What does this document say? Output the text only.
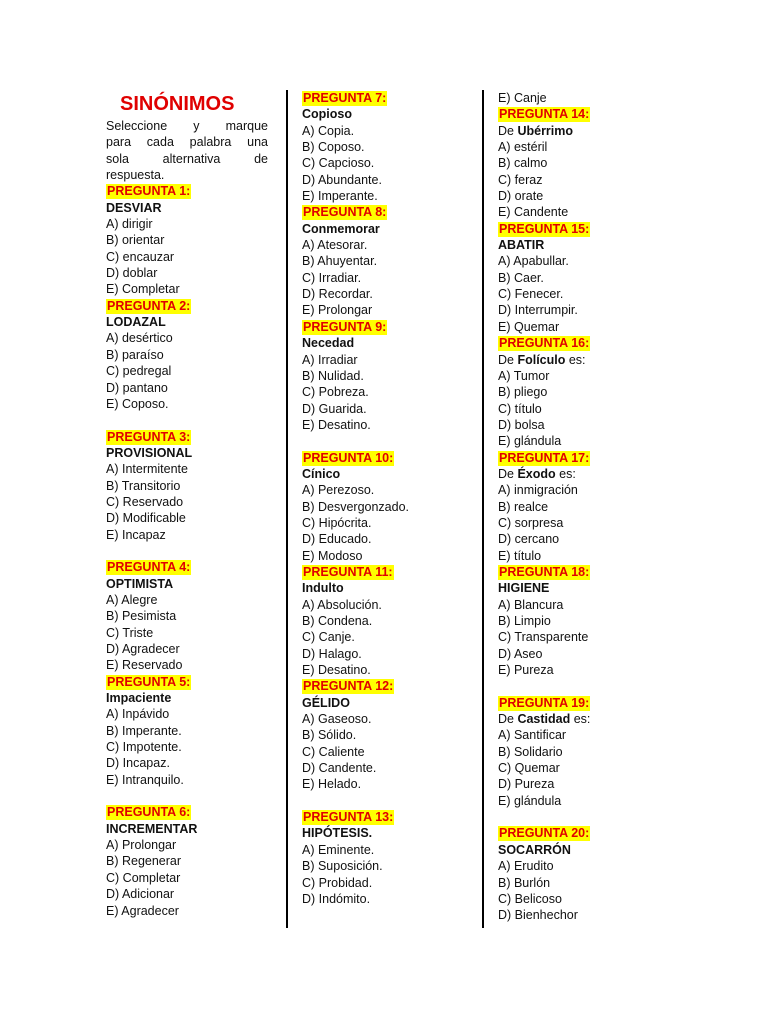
SINÓNIMOS
Seleccione y marque
para cada palabra una
sola alternativa de
respuesta.
PREGUNTA 1:
DESVIAR
A) dirigir
B) orientar
C) encauzar
D) doblar
E) Completar
PREGUNTA 2:
LODAZAL
A) desértico
B) paraíso
C) pedregal
D) pantano
E) Coposo.
PREGUNTA 3:
PROVISIONAL
A) Intermitente
B) Transitorio
C) Reservado
D) Modificable
E) Incapaz
PREGUNTA 4:
OPTIMISTA
A) Alegre
B) Pesimista
C) Triste
D) Agradecer
E) Reservado
PREGUNTA 5:
Impaciente
A) Inpávido
B) Imperante.
C) Impotente.
D) Incapaz.
E) Intranquilo.
PREGUNTA 6:
INCREMENTAR
A) Prolongar
B) Regenerar
C) Completar
D) Adicionar
E) Agradecer
PREGUNTA 7:
Copioso
A) Copia.
B) Coposo.
C) Capcioso.
D) Abundante.
E) Imperante.
PREGUNTA 8:
Conmemorar
A) Atesorar.
B) Ahuyentar.
C) Irradiar.
D) Recordar.
E) Prolongar
PREGUNTA 9:
Necedad
A) Irradiar
B) Nulidad.
C) Pobreza.
D) Guarida.
E) Desatino.
PREGUNTA 10:
Cínico
A) Perezoso.
B) Desvergonzado.
C) Hipócrita.
D) Educado.
E) Modoso
PREGUNTA 11:
Indulto
A) Absolución.
B) Condena.
C) Canje.
D) Halago.
E) Desatino.
PREGUNTA 12:
GÉLIDO
A) Gaseoso.
B) Sólido.
C) Caliente
D) Candente.
E) Helado.
PREGUNTA 13:
HIPÓTESIS.
A) Eminente.
B) Suposición.
C) Probidad.
D) Indómito.
E) Canje
PREGUNTA 14:
De Ubérrimo
A) estéril
B) calmo
C) feraz
D) orate
E) Candente
PREGUNTA 15:
ABATIR
A) Apabullar.
B) Caer.
C) Fenecer.
D) Interrumpir.
E) Quemar
PREGUNTA 16:
De Folículo es:
A) Tumor
B) pliego
C) título
D) bolsa
E) glándula
PREGUNTA 17:
De Éxodo es:
A) inmigración
B) realce
C) sorpresa
D) cercano
E) título
PREGUNTA 18:
HIGIENE
A) Blancura
B) Limpio
C) Transparente
D) Aseo
E) Pureza
PREGUNTA 19:
De Castidad es:
A) Santificar
B) Solidario
C) Quemar
D) Pureza
E) glándula
PREGUNTA 20:
SOCARRÓN
A) Erudito
B) Burlón
C) Belicoso
D) Bienhechor
